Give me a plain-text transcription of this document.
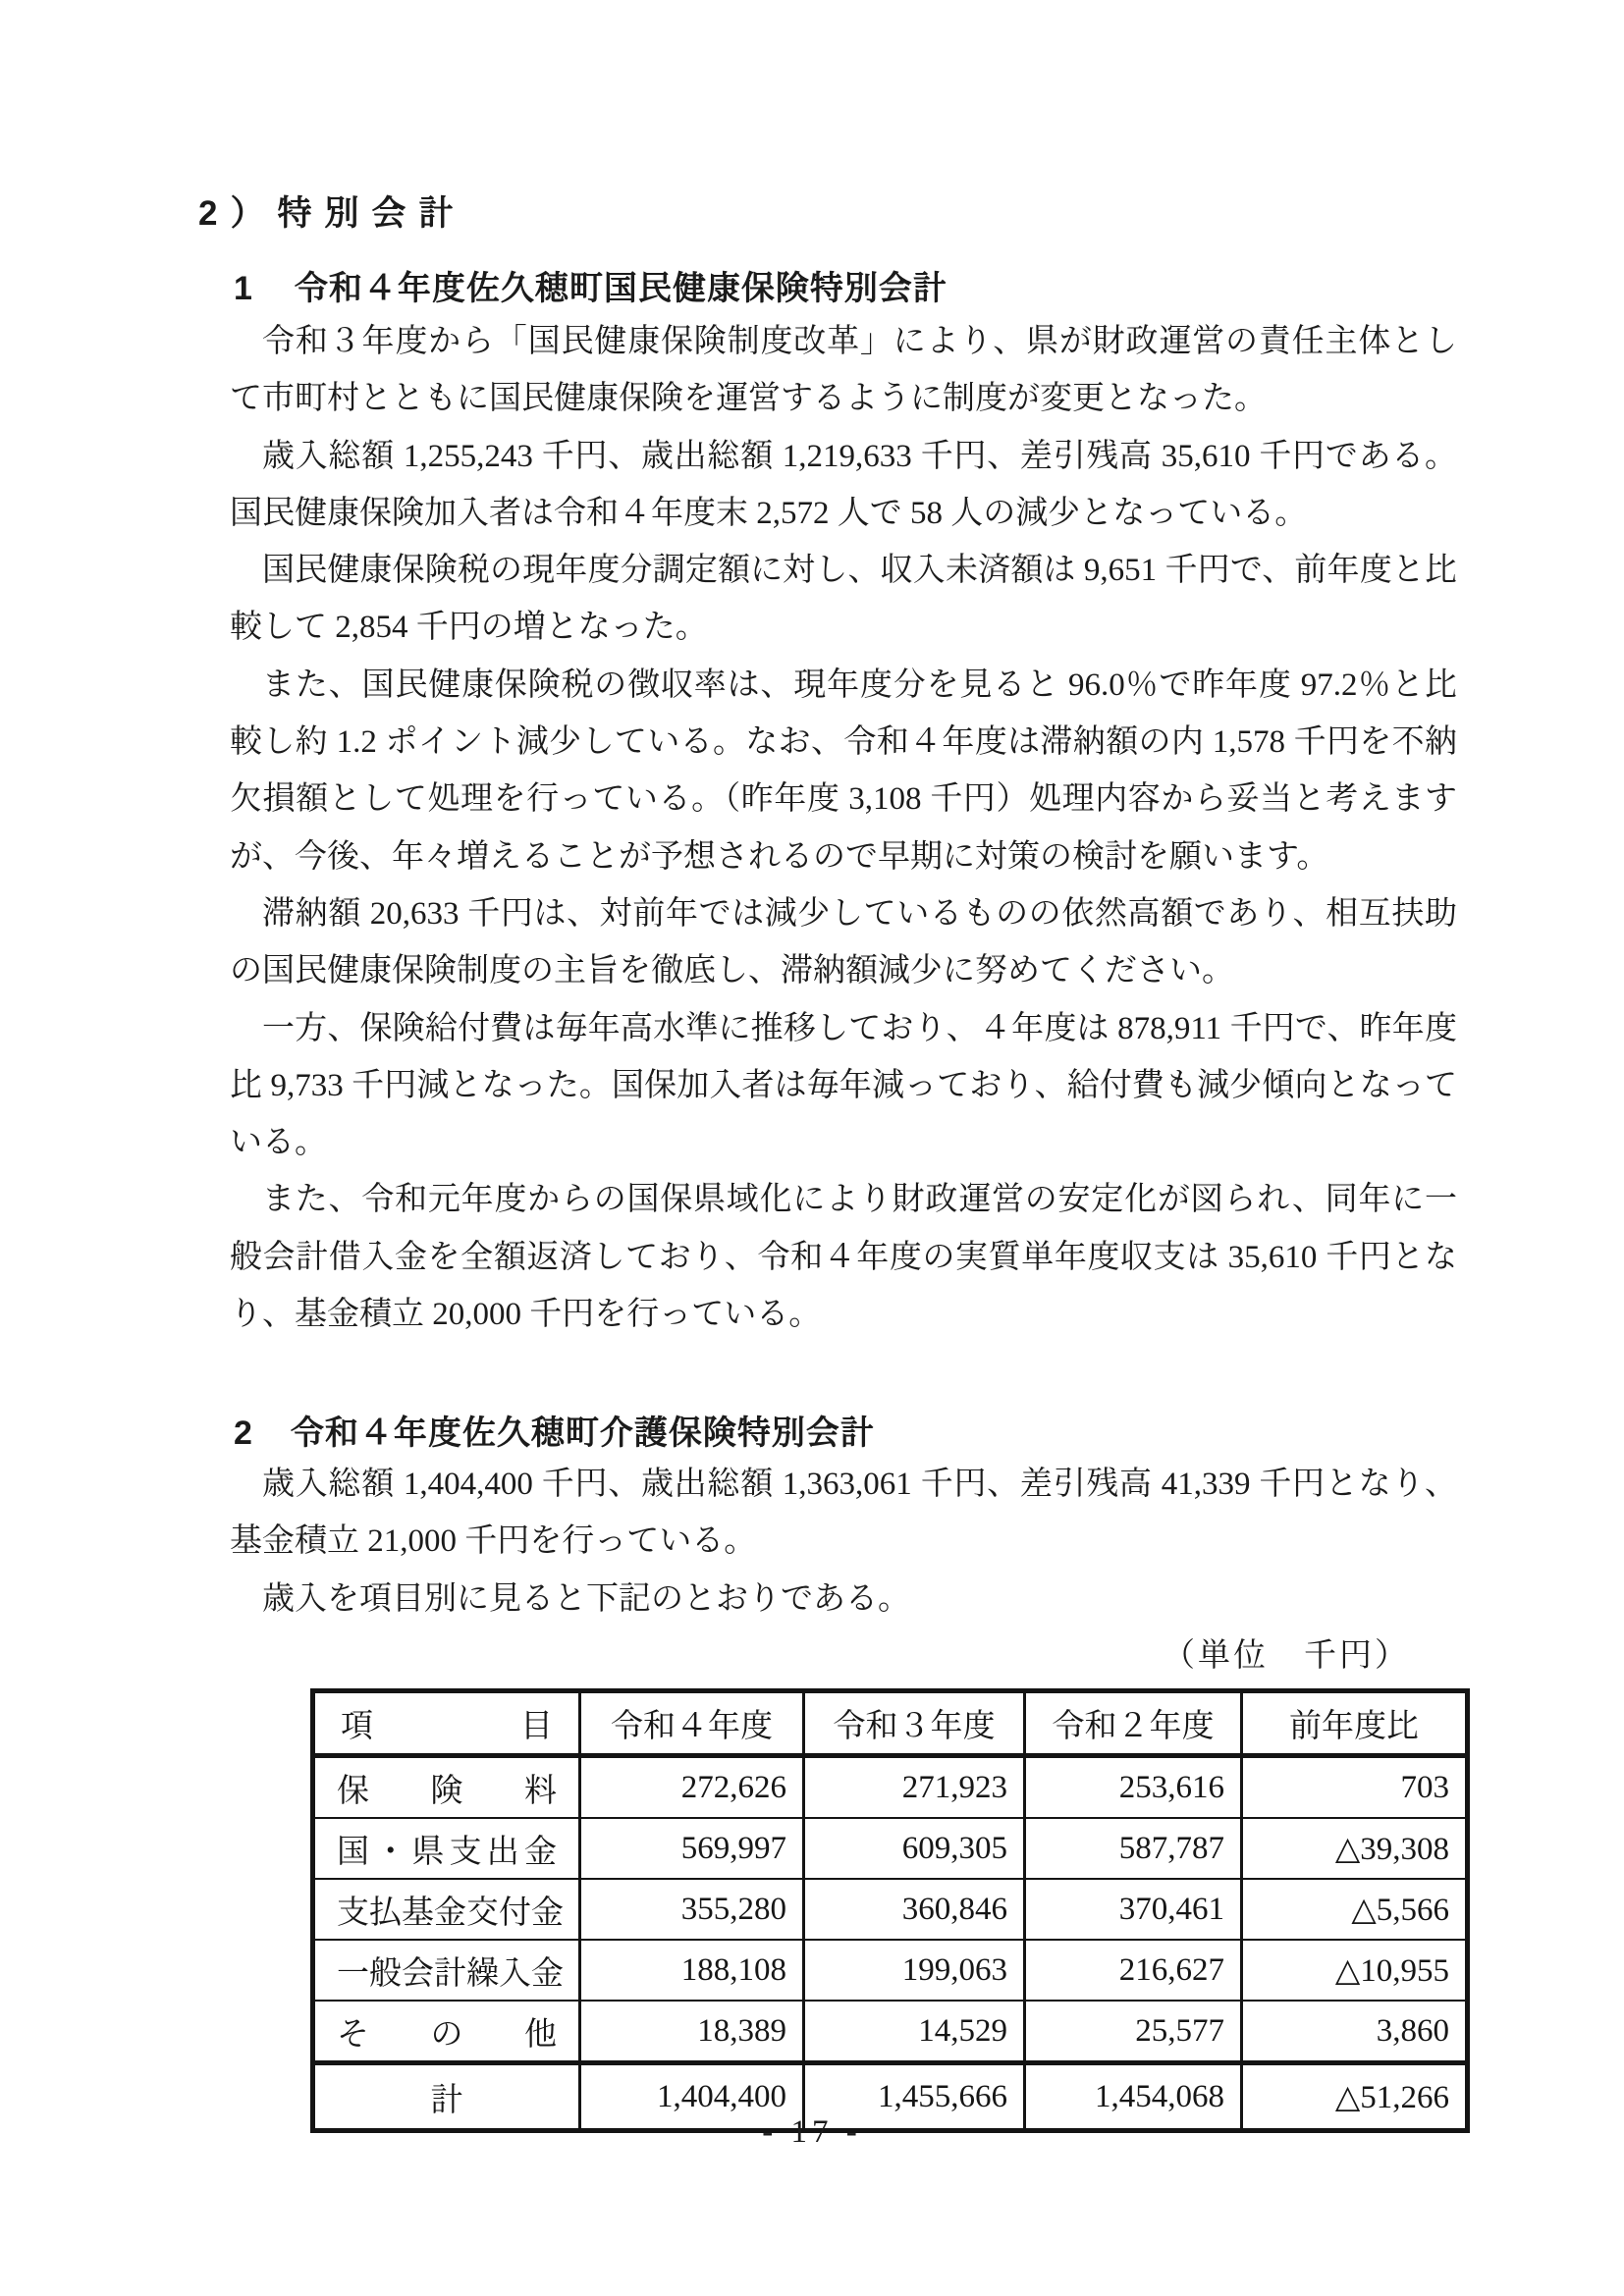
2）特別会計
1 令和４年度佐久穂町国民健康保険特別会計

令和３年度から「国民健康保険制度改革」により、県が財政運営の責任主体として市町村とともに国民健康保険を運営するように制度が変更となった。

歳入総額 1,255,243 千円、歳出総額 1,219,633 千円、差引残高 35,610 千円である。国民健康保険加入者は令和４年度末 2,572 人で 58 人の減少となっている。

国民健康保険税の現年度分調定額に対し、収入未済額は 9,651 千円で、前年度と比較して 2,854 千円の増となった。

また、国民健康保険税の徴収率は、現年度分を見ると 96.0％で昨年度 97.2％と比較し約 1.2 ポイント減少している。なお、令和４年度は滞納額の内 1,578 千円を不納欠損額として処理を行っている。（昨年度 3,108 千円）処理内容から妥当と考えますが、今後、年々増えることが予想されるので早期に対策の検討を願います。

滞納額 20,633 千円は、対前年では減少しているものの依然高額であり、相互扶助の国民健康保険制度の主旨を徹底し、滞納額減少に努めてください。

一方、保険給付費は毎年高水準に推移しており、４年度は 878,911 千円で、昨年度比 9,733 千円減となった。国保加入者は毎年減っており、給付費も減少傾向となっている。

また、令和元年度からの国保県域化により財政運営の安定化が図られ、同年に一般会計借入金を全額返済しており、令和４年度の実質単年度収支は 35,610 千円となり、基金積立 20,000 千円を行っている。

2 令和４年度佐久穂町介護保険特別会計

歳入総額 1,404,400 千円、歳出総額 1,363,061 千円、差引残高 41,339 千円となり、基金積立 21,000 千円を行っている。

歳入を項目別に見ると下記のとおりである。

（単位　千円）
項目	令和４年度	令和３年度	令和２年度	前年度比
保険料	272,626	271,923	253,616	703
国・県支出金	569,997	609,305	587,787	△39,308
支払基金交付金	355,280	360,846	370,461	△5,566
一般会計繰入金	188,108	199,063	216,627	△10,955
その他	18,389	14,529	25,577	3,860
計	1,404,400	1,455,666	1,454,068	△51,266
- 17 -
